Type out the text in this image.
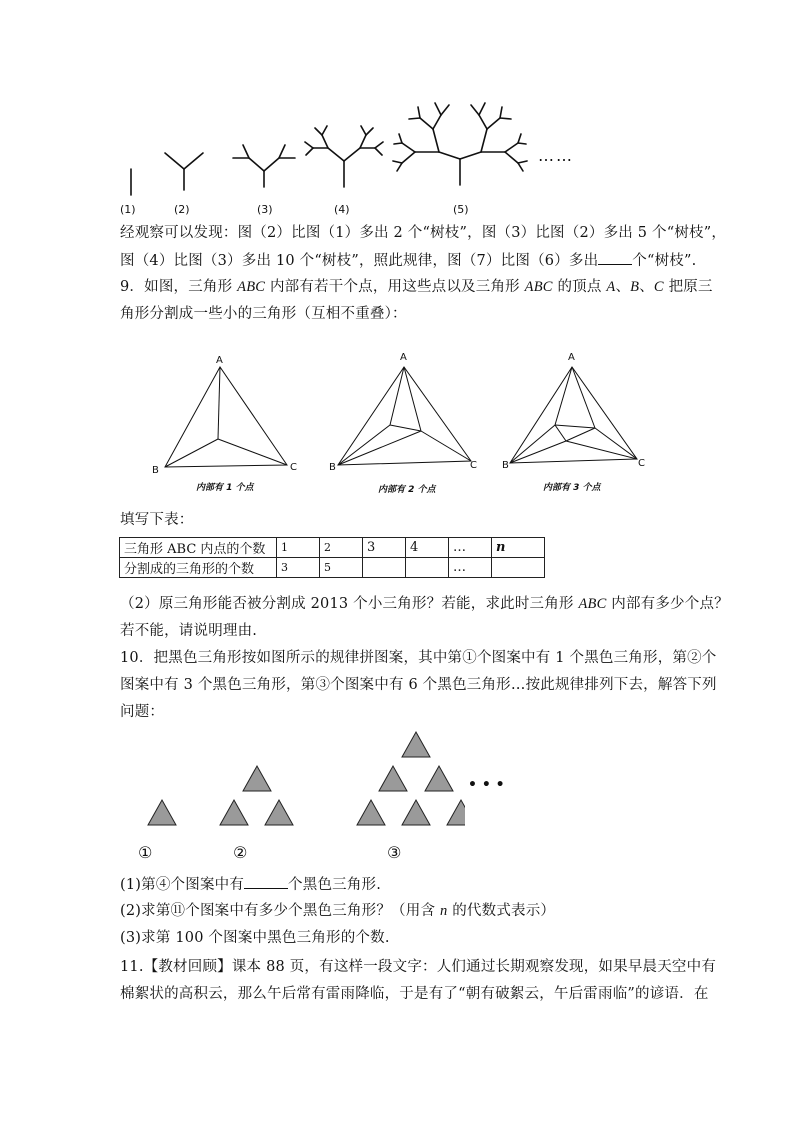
……
(1)	(2)	(3)	(4)	(5)
经观察可以发现：图（2）比图（1）多出 2 个“树枝”，图（3）比图（2）多出 5 个“树枝”，
图（4）比图（3）多出 10 个“树枝”，照此规律，图（7）比图（6）多出 个“树枝”.
9．如图，三角形 ABC 内部有若干个点，用这些点以及三角形 ABC 的顶点 A、B、C 把原三
角形分割成一些小的三角形（互相不重叠）：
A
B	C
A
B	C
A
B	C
内部有 1 个点	内部有 2 个点	内部有 3 个点
填写下表：
三角形 ABC 内点的个数	1	2	3	4	…	n
分割成的三角形的个数	3	5			…	
（2）原三角形能否被分割成 2013 个小三角形？若能，求此时三角形 ABC 内部有多少个点？
若不能，请说明理由.
10．把黑色三角形按如图所示的规律拼图案，其中第①个图案中有 1 个黑色三角形，第②个
图案中有 3 个黑色三角形，第③个图案中有 6 个黑色三角形…按此规律排列下去，解答下列
问题：
• • •
①	②	③
(1)第④个图案中有	个黑色三角形.
(2)求第⑪个图案中有多少个黑色三角形？（用含 n 的代数式表示）
(3)求第 100 个图案中黑色三角形的个数.
11.【教材回顾】课本 88 页，有这样一段文字：人们通过长期观察发现，如果早晨天空中有
棉絮状的高积云，那么午后常有雷雨降临，于是有了“朝有破絮云，午后雷雨临”的谚语．在
